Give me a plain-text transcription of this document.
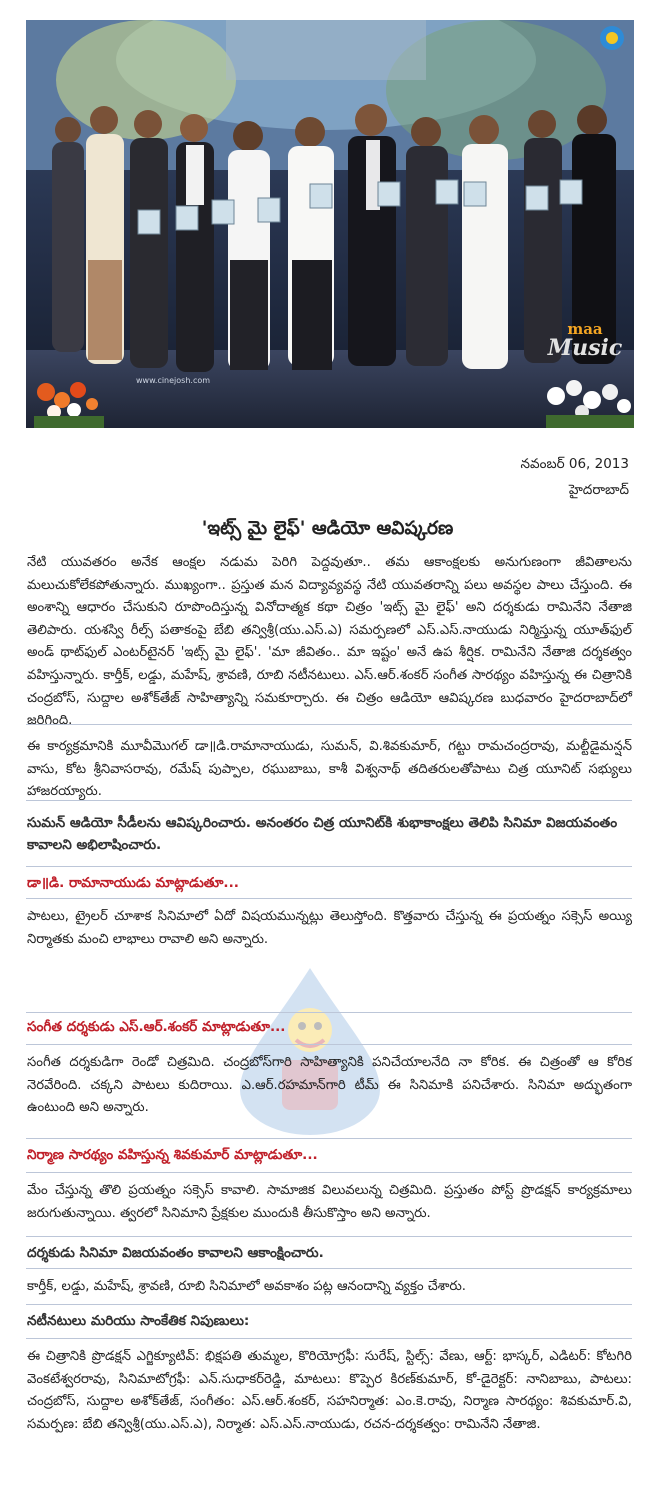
www.cinejosh.com
maa
Music
నవంబర్ 06, 2013
హైదరాబాద్
'ఇట్స్ మై లైఫ్' ఆడియో ఆవిష్కరణ
నేటి యువతరం అనేక ఆంక్షల నడుమ పెరిగి పెద్దవుతూ.. తమ ఆకాంక్షలకు అనుగుణంగా జీవితాలను మలుచుకోలేకపోతున్నారు. ముఖ్యంగా.. ప్రస్తుత మన విద్యావ్యవస్థ నేటి యువతరాన్ని పలు అవస్థల పాలు చేస్తుంది. ఈ అంశాన్ని ఆధారం చేసుకుని రూపొందిస్తున్న వినోదాత్మక కథా చిత్రం 'ఇట్స్ మై లైఫ్' అని దర్శకుడు రామినేని నేతాజి తెలిపారు. యశస్వి రీల్స్ పతాకంపై బేబి తన్విశ్రీ(యు.ఎస్.ఎ) సమర్పణలో ఎస్.ఎస్.నాయుడు నిర్మిస్తున్న యూత్‌ఫుల్ అండ్ థాట్‌ఫుల్ ఎంటర్‌టైనర్ 'ఇట్స్ మై లైఫ్'. 'మా జీవితం.. మా ఇష్టం' అనే ఉప శీర్షిక. రామినేని నేతాజి దర్శకత్వం వహిస్తున్నారు. కార్తీక్, లడ్డు, మహేష్, శ్రావణి, రూబి నటీనటులు. ఎస్.ఆర్.శంకర్ సంగీత సారథ్యం వహిస్తున్న ఈ చిత్రానికి చంద్రబోస్, సుద్దాల అశోక్‌తేజ్ సాహిత్యాన్ని సమకూర్చారు. ఈ చిత్రం ఆడియో ఆవిష్కరణ బుధవారం హైదరాబాద్‌లో జరిగింది.
ఈ కార్యక్రమానికి మూవీమొగల్ డా॥డి.రామానాయుడు, సుమన్, వి.శివకుమార్, గట్టు రామచంద్రరావు, మల్టీడైమన్షన్ వాసు, కోట శ్రీనివాసరావు, రమేష్ పుప్పాల, రఘుబాబు, కాశీ విశ్వనాథ్ తదితరులతోపాటు చిత్ర యూనిట్ సభ్యులు హాజరయ్యారు.
సుమన్ ఆడియో సీడీలను ఆవిష్కరించారు. అనంతరం చిత్ర యూనిట్‌కి శుభాకాంక్షలు తెలిపి సినిమా విజయవంతం కావాలని అభిలాషించారు.
డా॥డి. రామానాయుడు మాట్లాడుతూ...
పాటలు, ట్రైలర్ చూశాక సినిమాలో ఏదో విషయమున్నట్లు తెలుస్తోంది. కొత్తవారు చేస్తున్న ఈ ప్రయత్నం సక్సెస్ అయ్యి నిర్మాతకు మంచి లాభాలు రావాలి అని అన్నారు.
సంగీత దర్శకుడు ఎస్.ఆర్.శంకర్ మాట్లాడుతూ...
సంగీత దర్శకుడిగా రెండో చిత్రమిది. చంద్రబోస్‌గారి సాహిత్యానికి పనిచేయాలనేది నా కోరిక. ఈ చిత్రంతో ఆ కోరిక నెరవేరింది. చక్కని పాటలు కుదిరాయి. ఎ.ఆర్.రహమాన్‌గారి టీమ్ ఈ సినిమాకి పనిచేశారు. సినిమా అద్భుతంగా ఉంటుంది అని అన్నారు.
నిర్మాణ సారథ్యం వహిస్తున్న శివకుమార్ మాట్లాడుతూ...
మేం చేస్తున్న తొలి ప్రయత్నం సక్సెస్ కావాలి. సామాజిక విలువలున్న చిత్రమిది. ప్రస్తుతం పోస్ట్ ప్రొడక్షన్ కార్యక్రమాలు జరుగుతున్నాయి. త్వరలో సినిమాని ప్రేక్షకుల ముందుకి తీసుకొస్తాం అని అన్నారు.
దర్శకుడు సినిమా విజయవంతం కావాలని ఆకాంక్షించారు.
కార్తీక్, లడ్డు, మహేష్, శ్రావణి, రూబి సినిమాలో అవకాశం పట్ల ఆనందాన్ని వ్యక్తం చేశారు.
నటీనటులు మరియు సాంకేతిక నిపుణులు:
ఈ చిత్రానికి ప్రొడక్షన్ ఎగ్జిక్యూటివ్: భిక్షపతి తుమ్మల, కొరియోగ్రఫీ: సురేష్, స్టిల్స్: వేణు, ఆర్ట్: భాస్కర్, ఎడిటర్: కోటగిరి వెంకటేశ్వరరావు, సినిమాటోగ్రఫీ: ఎన్.సుధాకర్‌రెడ్డి, మాటలు: కొప్పెర కిరణ్‌కుమార్, కో-డైరెక్టర్: నానిబాబు, పాటలు: చంద్రబోస్, సుద్దాల అశోక్‌తేజ్, సంగీతం: ఎస్.ఆర్.శంకర్, సహనిర్మాత: ఎం.కె.రావు, నిర్మాణ సారథ్యం: శివకుమార్.వి, సమర్పణ: బేబి తన్విశ్రీ(యు.ఎస్.ఎ), నిర్మాత: ఎస్.ఎస్.నాయుడు, రచన-దర్శకత్వం: రామినేని నేతాజి.
